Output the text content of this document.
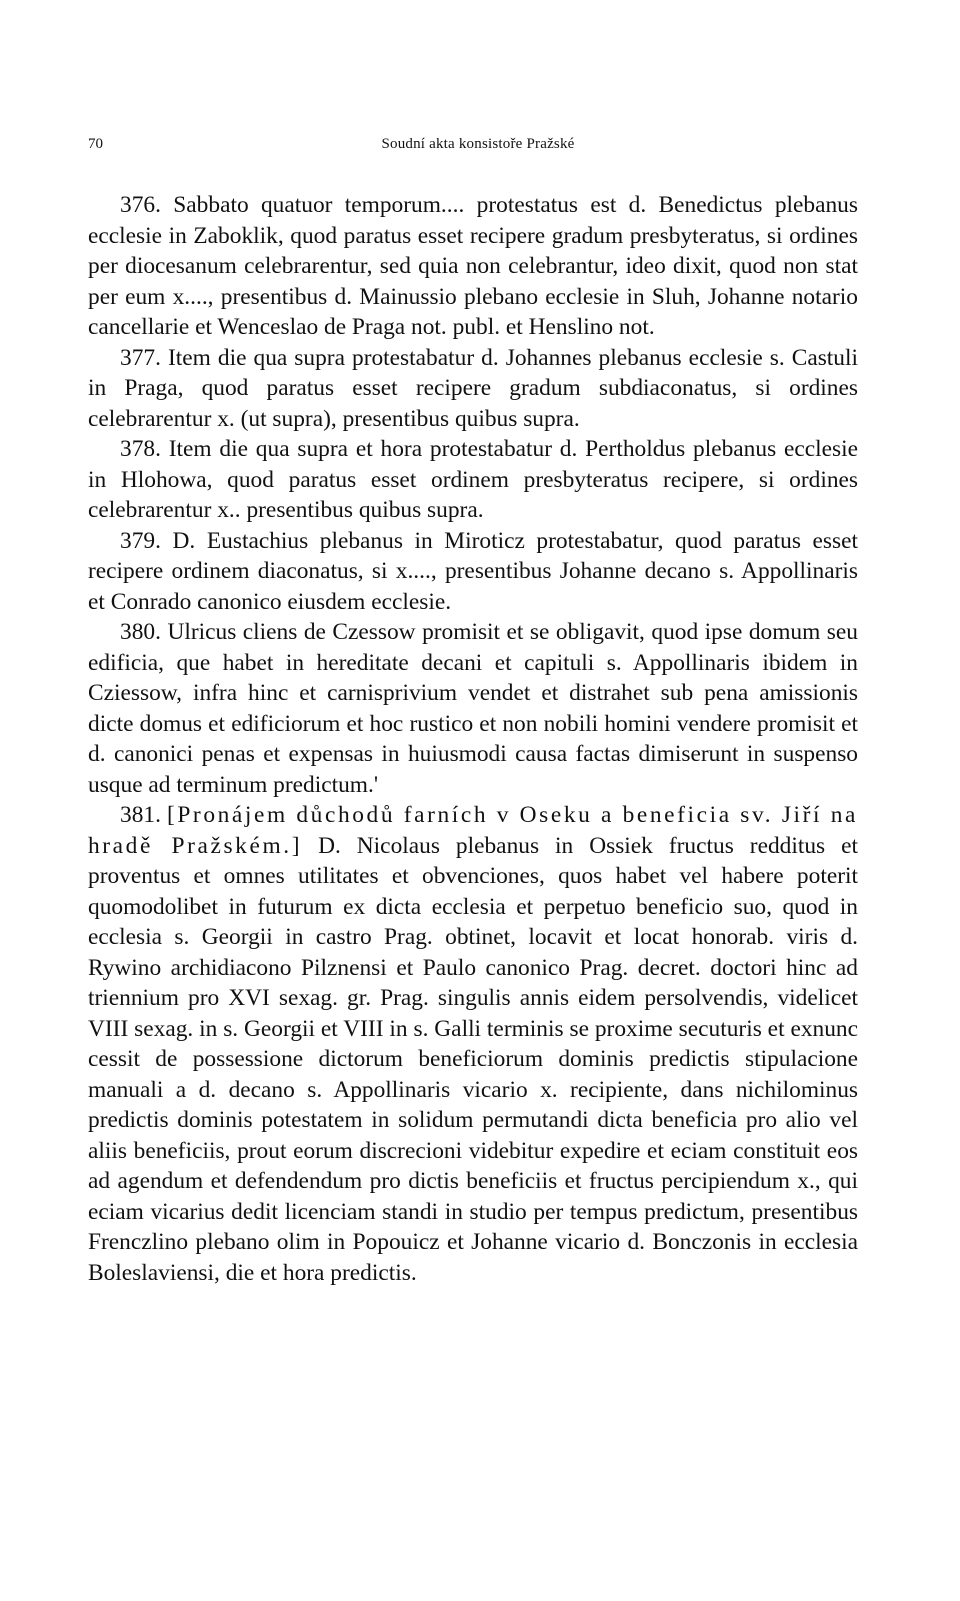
70	Soudní akta konsistoře Pražské

376. Sabbato quatuor temporum.... protestatus est d. Benedictus plebanus ecclesie in Zaboklik, quod paratus esset recipere gradum presbyteratus, si ordines per diocesanum celebrarentur, sed quia non celebrantur, ideo dixit, quod non stat per eum x...., presentibus d. Mainussio plebano ecclesie in Sluh, Johanne notario cancellarie et Wenceslao de Praga not. publ. et Henslino not.

377. Item die qua supra protestabatur d. Johannes plebanus ecclesie s. Castuli in Praga, quod paratus esset recipere gradum subdiaconatus, si ordines celebrarentur x. (ut supra), presentibus quibus supra.

378. Item die qua supra et hora protestabatur d. Pertholdus plebanus ecclesie in Hlohowa, quod paratus esset ordinem presbyteratus recipere, si ordines celebrarentur x.. presentibus quibus supra.

379. D. Eustachius plebanus in Miroticz protestabatur, quod paratus esset recipere ordinem diaconatus, si x...., presentibus Johanne decano s. Appollinaris et Conrado canonico eiusdem ecclesie.

380. Ulricus cliens de Czessow promisit et se obligavit, quod ipse domum seu edificia, que habet in hereditate decani et capituli s. Appollinaris ibidem in Cziessow, infra hinc et carnisprivium vendet et distrahet sub pena amissionis dicte domus et edificiorum et hoc rustico et non nobili homini vendere promisit et d. canonici penas et expensas in huiusmodi causa factas dimiserunt in suspenso usque ad terminum predictum.'

381. [Pronájem důchodů farních v Oseku a beneficia sv. Jiří na hradě Pražském.] D. Nicolaus plebanus in Ossiek fructus redditus et proventus et omnes utilitates et obvenciones, quos habet vel habere poterit quomodolibet in futurum ex dicta ecclesia et perpetuo beneficio suo, quod in ecclesia s. Georgii in castro Prag. obtinet, locavit et locat honorab. viris d. Rywino archidiacono Pilznensi et Paulo canonico Prag. decret. doctori hinc ad triennium pro XVI sexag. gr. Prag. singulis annis eidem persolvendis, videlicet VIII sexag. in s. Georgii et VIII in s. Galli terminis se proxime secuturis et exnunc cessit de possessione dictorum beneficiorum dominis predictis stipulacione manuali a d. decano s. Appollinaris vicario x. recipiente, dans nichilominus predictis dominis potestatem in solidum permutandi dicta beneficia pro alio vel aliis beneficiis, prout eorum discrecioni videbitur expedire et eciam constituit eos ad agendum et defendendum pro dictis beneficiis et fructus percipiendum x., qui eciam vicarius dedit licenciam standi in studio per tempus predictum, presentibus Frenczlino plebano olim in Popouicz et Johanne vicario d. Bonczonis in ecclesia Boleslaviensi, die et hora predictis.
